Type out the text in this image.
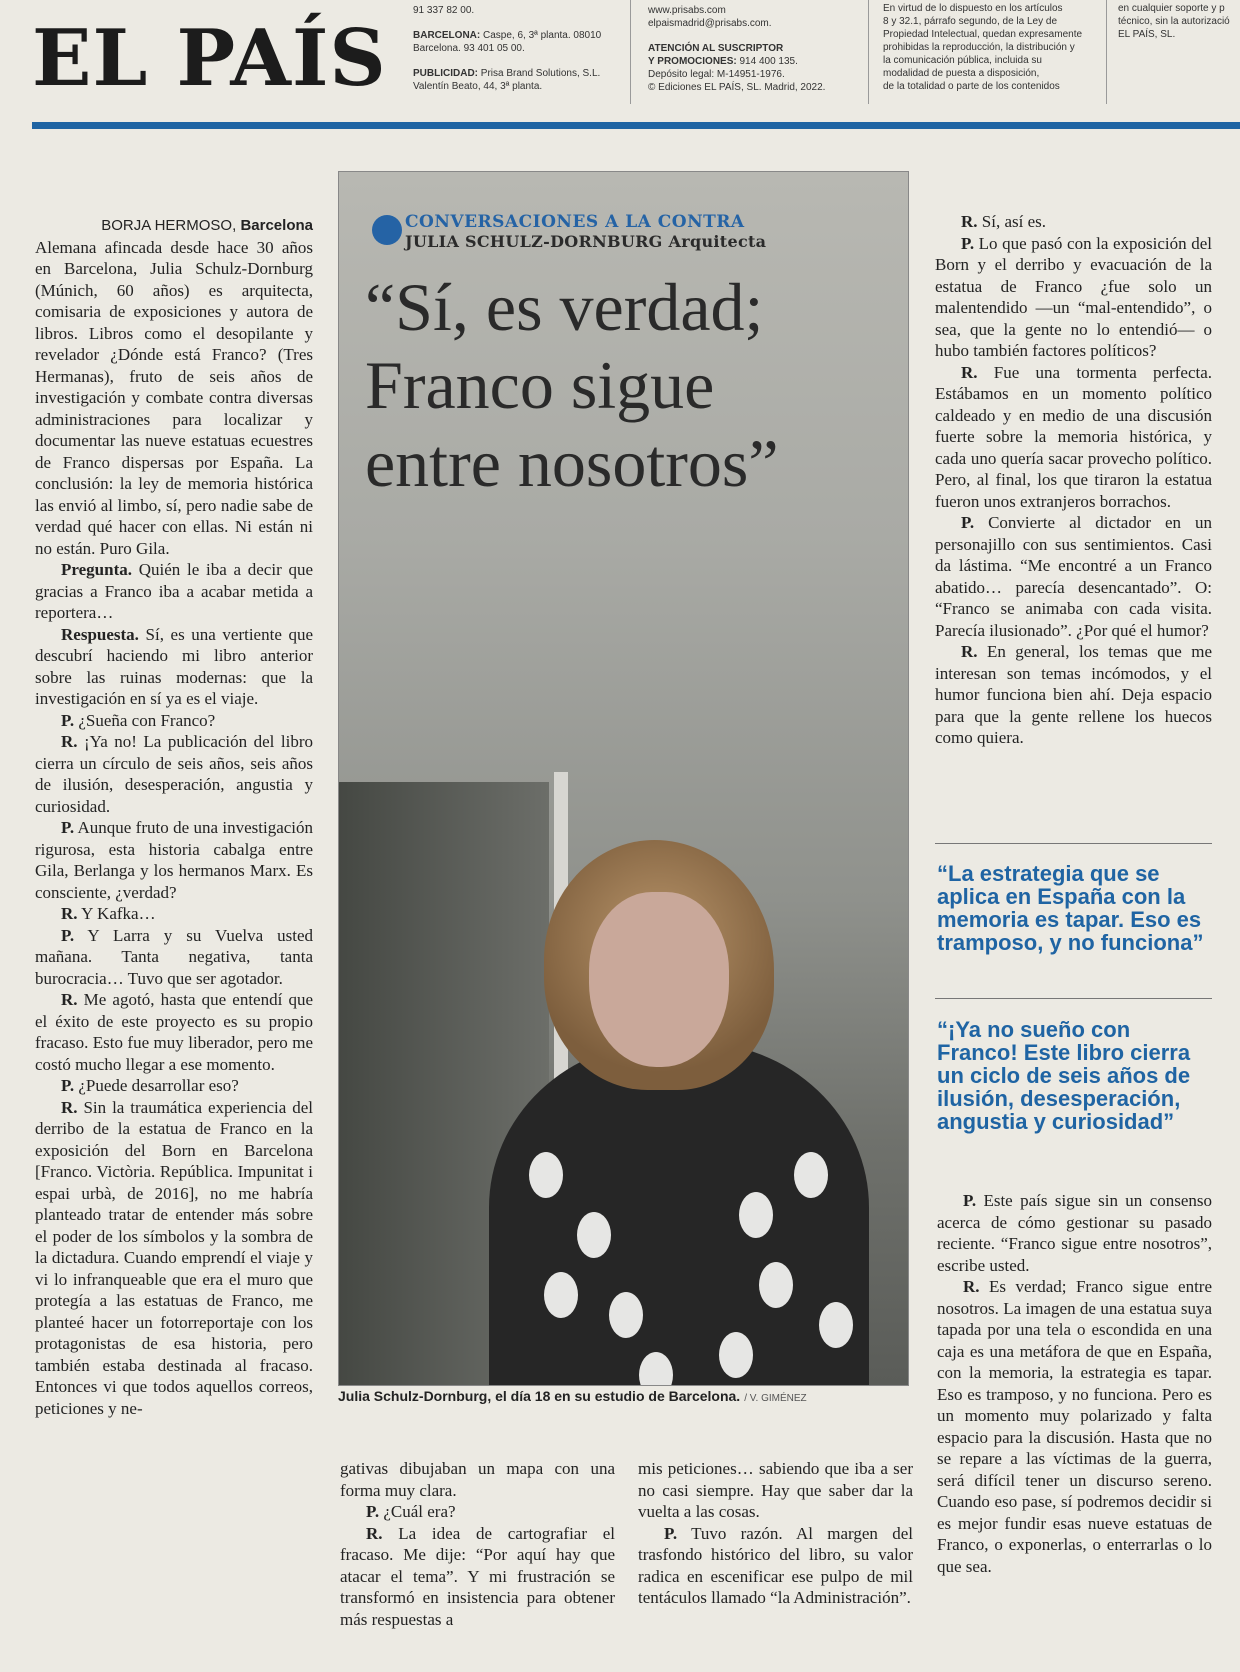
EL PAÍS
91 337 82 00.
BARCELONA: Caspe, 6, 3ª planta. 08010
Barcelona. 93 401 05 00.
PUBLICIDAD: Prisa Brand Solutions, S.L.
Valentín Beato, 44, 3ª planta.
www.prisabs.com
elpaismadrid@prisabs.com.
ATENCIÓN AL SUSCRIPTOR
Y PROMOCIONES: 914 400 135.
Depósito legal: M-14951-1976.
© Ediciones EL PAÍS, SL. Madrid, 2022.
En virtud de lo dispuesto en los artículos
8 y 32.1, párrafo segundo, de la Ley de
Propiedad Intelectual, quedan expresamente
prohibidas la reproducción, la distribución y
la comunicación pública, incluida su
modalidad de puesta a disposición,
de la totalidad o parte de los contenidos
en cualquier soporte y p
técnico, sin la autorizació
EL PAÍS, SL.

BORJA HERMOSO, Barcelona

Alemana afincada desde hace 30 años en Barcelona, Julia Schulz-Dornburg (Múnich, 60 años) es arquitecta, comisaria de exposiciones y autora de libros. Libros como el desopilante y revelador ¿Dónde está Franco? (Tres Hermanas), fruto de seis años de investigación y combate contra diversas administraciones para localizar y documentar las nueve estatuas ecuestres de Franco dispersas por España. La conclusión: la ley de memoria histórica las envió al limbo, sí, pero nadie sabe de verdad qué hacer con ellas. Ni están ni no están. Puro Gila.

Pregunta. Quién le iba a decir que gracias a Franco iba a acabar metida a reportera…

Respuesta. Sí, es una vertiente que descubrí haciendo mi libro anterior sobre las ruinas modernas: que la investigación en sí ya es el viaje.

P. ¿Sueña con Franco?

R. ¡Ya no! La publicación del libro cierra un círculo de seis años, seis años de ilusión, desesperación, angustia y curiosidad.

P. Aunque fruto de una investigación rigurosa, esta historia cabalga entre Gila, Berlanga y los hermanos Marx. Es consciente, ¿verdad?

R. Y Kafka…

P. Y Larra y su Vuelva usted mañana. Tanta negativa, tanta burocracia… Tuvo que ser agotador.

R. Me agotó, hasta que entendí que el éxito de este proyecto es su propio fracaso. Esto fue muy liberador, pero me costó mucho llegar a ese momento.

P. ¿Puede desarrollar eso?

R. Sin la traumática experiencia del derribo de la estatua de Franco en la exposición del Born en Barcelona [Franco. Victòria. República. Impunitat i espai urbà, de 2016], no me habría planteado tratar de entender más sobre el poder de los símbolos y la sombra de la dictadura. Cuando emprendí el viaje y vi lo infranqueable que era el muro que protegía a las estatuas de Franco, me planteé hacer un fotorreportaje con los protagonistas de esa historia, pero también estaba destinada al fracaso. Entonces vi que todos aquellos correos, peticiones y ne-

CONVERSACIONES A LA CONTRA
JULIA SCHULZ-DORNBURG Arquitecta
“Sí, es verdad;
Franco sigue
entre nosotros”
Julia Schulz-Dornburg, el día 18 en su estudio de Barcelona. / V. GIMÉNEZ

gativas dibujaban un mapa con una forma muy clara.

P. ¿Cuál era?

R. La idea de cartografiar el fracaso. Me dije: “Por aquí hay que atacar el tema”. Y mi frustración se transformó en insistencia para obtener más respuestas a

mis peticiones… sabiendo que iba a ser no casi siempre. Hay que saber dar la vuelta a las cosas.

P. Tuvo razón. Al margen del trasfondo histórico del libro, su valor radica en escenificar ese pulpo de mil tentáculos llamado “la Administración”.

R. Sí, así es.

P. Lo que pasó con la exposición del Born y el derribo y evacuación de la estatua de Franco ¿fue solo un malentendido —un “mal-entendido”, o sea, que la gente no lo entendió— o hubo también factores políticos?

R. Fue una tormenta perfecta. Estábamos en un momento político caldeado y en medio de una discusión fuerte sobre la memoria histórica, y cada uno quería sacar provecho político. Pero, al final, los que tiraron la estatua fueron unos extranjeros borrachos.

P. Convierte al dictador en un personajillo con sus sentimientos. Casi da lástima. “Me encontré a un Franco abatido… parecía desencantado”. O: “Franco se animaba con cada visita. Parecía ilusionado”. ¿Por qué el humor?

R. En general, los temas que me interesan son temas incómodos, y el humor funciona bien ahí. Deja espacio para que la gente rellene los huecos como quiera.

“La estrategia que se aplica en España con la memoria es tapar. Eso es tramposo, y no funciona”
“¡Ya no sueño con Franco! Este libro cierra un ciclo de seis años de ilusión, desesperación, angustia y curiosidad”

P. Este país sigue sin un consenso acerca de cómo gestionar su pasado reciente. “Franco sigue entre nosotros”, escribe usted.

R. Es verdad; Franco sigue entre nosotros. La imagen de una estatua suya tapada por una tela o escondida en una caja es una metáfora de que en España, con la memoria, la estrategia es tapar. Eso es tramposo, y no funciona. Pero es un momento muy polarizado y falta espacio para la discusión. Hasta que no se repare a las víctimas de la guerra, será difícil tener un discurso sereno. Cuando eso pase, sí podremos decidir si es mejor fundir esas nueve estatuas de Franco, o exponerlas, o enterrarlas o lo que sea.
